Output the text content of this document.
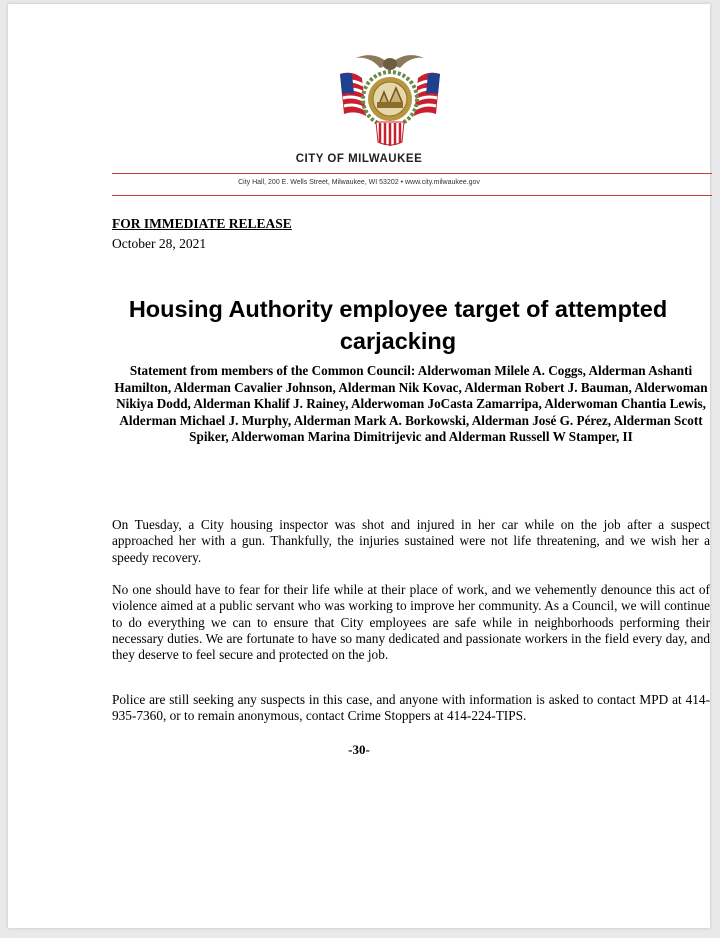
CITY OF MILWAUKEE
City Hall, 200 E. Wells Street, Milwaukee, WI 53202 • www.city.milwaukee.gov
FOR IMMEDIATE RELEASE
October 28, 2021
Housing Authority employee target of attempted carjacking
Statement from members of the Common Council: Alderwoman Milele A. Coggs, Alderman Ashanti Hamilton, Alderman Cavalier Johnson, Alderman Nik Kovac, Alderman Robert J. Bauman, Alderwoman Nikiya Dodd, Alderman Khalif J. Rainey, Alderwoman JoCasta Zamarripa, Alderwoman Chantia Lewis, Alderman Michael J. Murphy, Alderman Mark A. Borkowski, Alderman José G. Pérez, Alderman Scott Spiker, Alderwoman Marina Dimitrijevic and Alderman Russell W Stamper, II
On Tuesday, a City housing inspector was shot and injured in her car while on the job after a suspect approached her with a gun. Thankfully, the injuries sustained were not life threatening, and we wish her a speedy recovery.
No one should have to fear for their life while at their place of work, and we vehemently denounce this act of violence aimed at a public servant who was working to improve her community. As a Council, we will continue to do everything we can to ensure that City employees are safe while in neighborhoods performing their necessary duties. We are fortunate to have so many dedicated and passionate workers in the field every day, and they deserve to feel secure and protected on the job.
Police are still seeking any suspects in this case, and anyone with information is asked to contact MPD at 414-935-7360, or to remain anonymous, contact Crime Stoppers at 414-224-TIPS.
-30-
